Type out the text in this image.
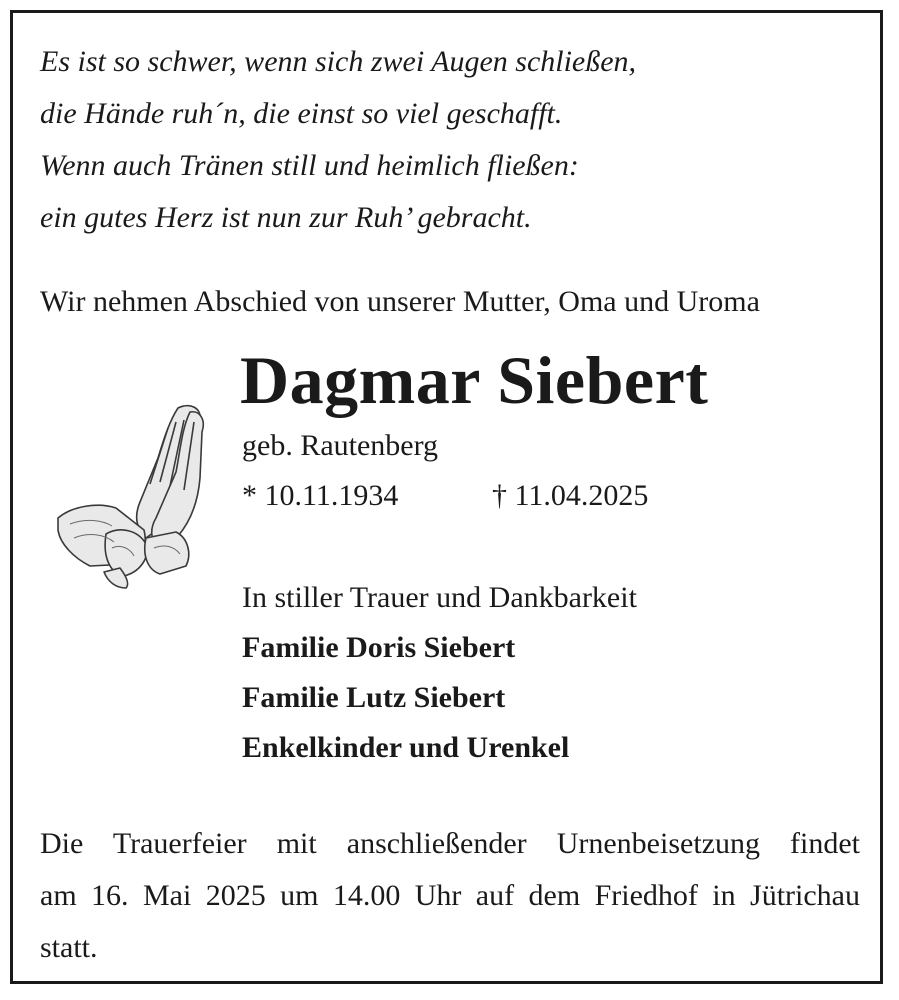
Es ist so schwer, wenn sich zwei Augen schließen,
die Hände ruh´n, die einst so viel geschafft.
Wenn auch Tränen still und heimlich fließen:
ein gutes Herz ist nun zur Ruh’ gebracht.
Wir nehmen Abschied von unserer Mutter, Oma und Uroma
Dagmar Siebert
geb. Rautenberg
* 10.11.1934	† 11.04.2025
In stiller Trauer und Dankbarkeit
Familie Doris Siebert
Familie Lutz Siebert
Enkelkinder und Urenkel
Die Trauerfeier mit anschließender Urnenbeisetzung findet
am 16. Mai 2025 um 14.00 Uhr auf dem Friedhof in Jütrichau
statt.
